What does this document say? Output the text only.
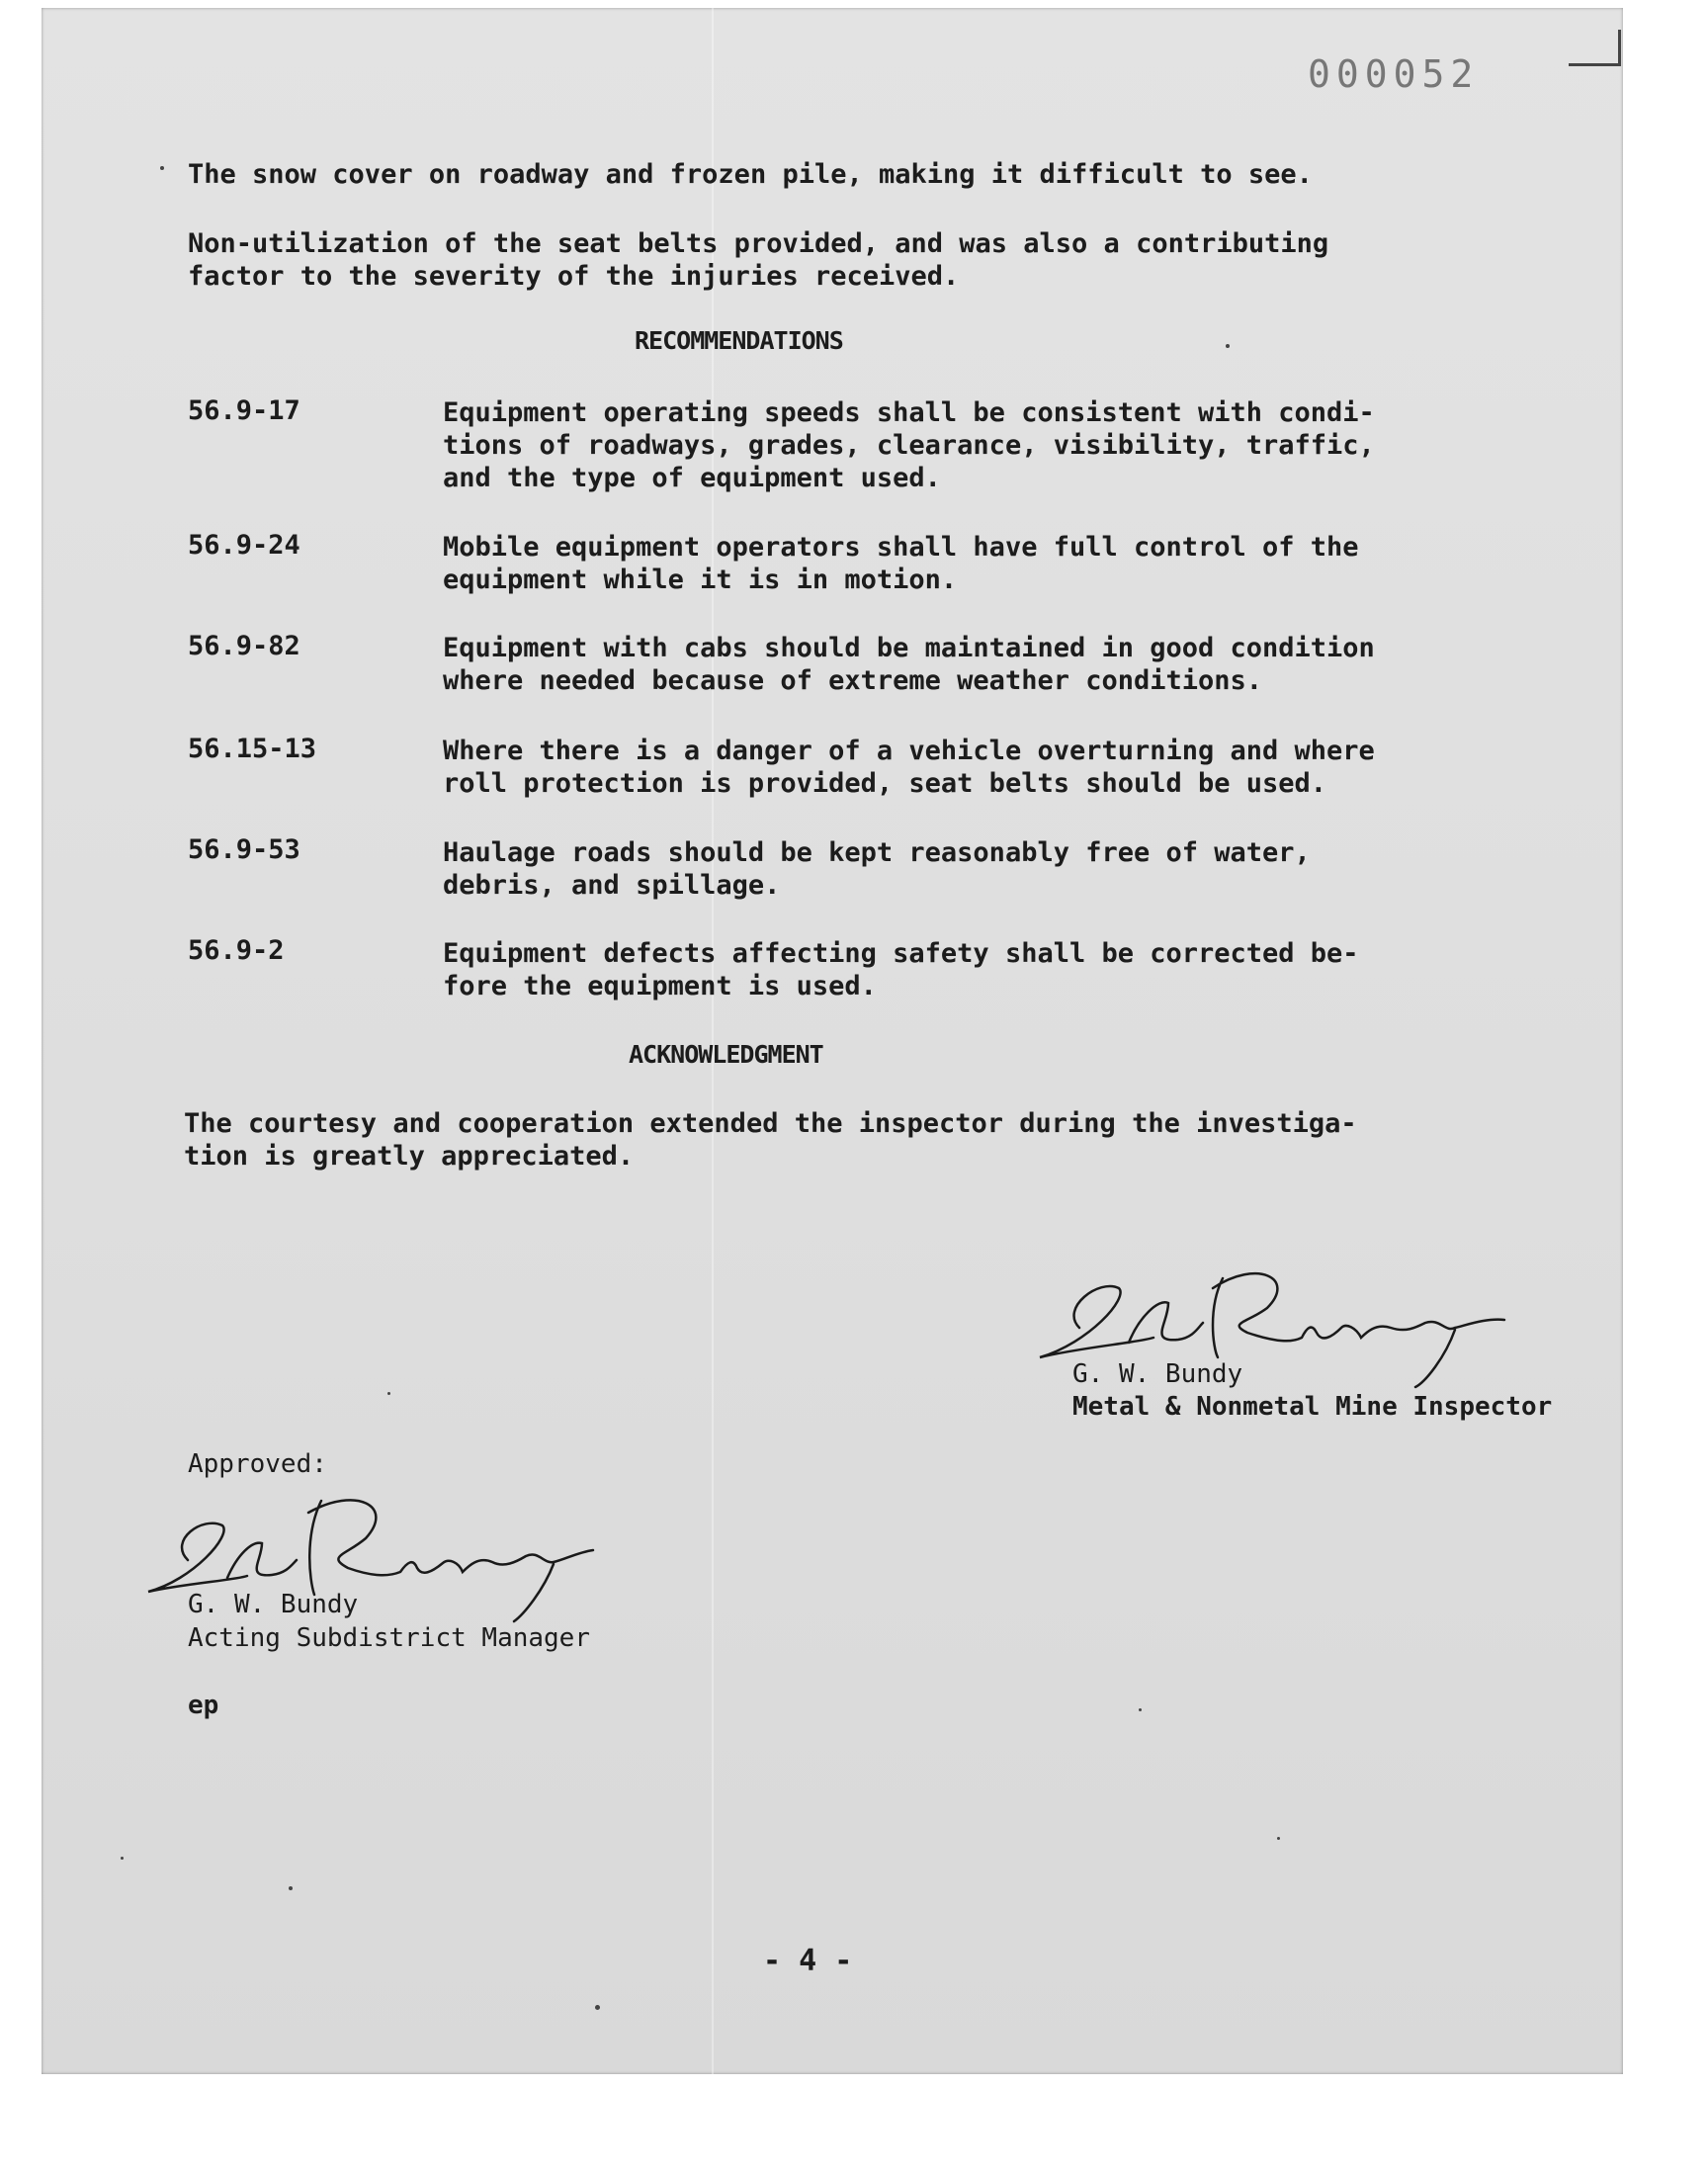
000052
The snow cover on roadway and frozen pile, making it difficult to see.
Non-utilization of the seat belts provided, and was also a contributing
factor to the severity of the injuries received.
RECOMMENDATIONS
56.9-17	Equipment operating speeds shall be consistent with condi-
tions of roadways, grades, clearance, visibility, traffic,
and the type of equipment used.
56.9-24	Mobile equipment operators shall have full control of the
equipment while it is in motion.
56.9-82	Equipment with cabs should be maintained in good condition
where needed because of extreme weather conditions.
56.15-13	Where there is a danger of a vehicle overturning and where
roll protection is provided, seat belts should be used.
56.9-53	Haulage roads should be kept reasonably free of water,
debris, and spillage.
56.9-2	Equipment defects affecting safety shall be corrected be-
fore the equipment is used.
ACKNOWLEDGMENT
The courtesy and cooperation extended the inspector during the investiga-
tion is greatly appreciated.
G. W. Bundy
Metal & Nonmetal Mine Inspector
Approved:
G. W. Bundy
Acting Subdistrict Manager
ep
- 4 -
